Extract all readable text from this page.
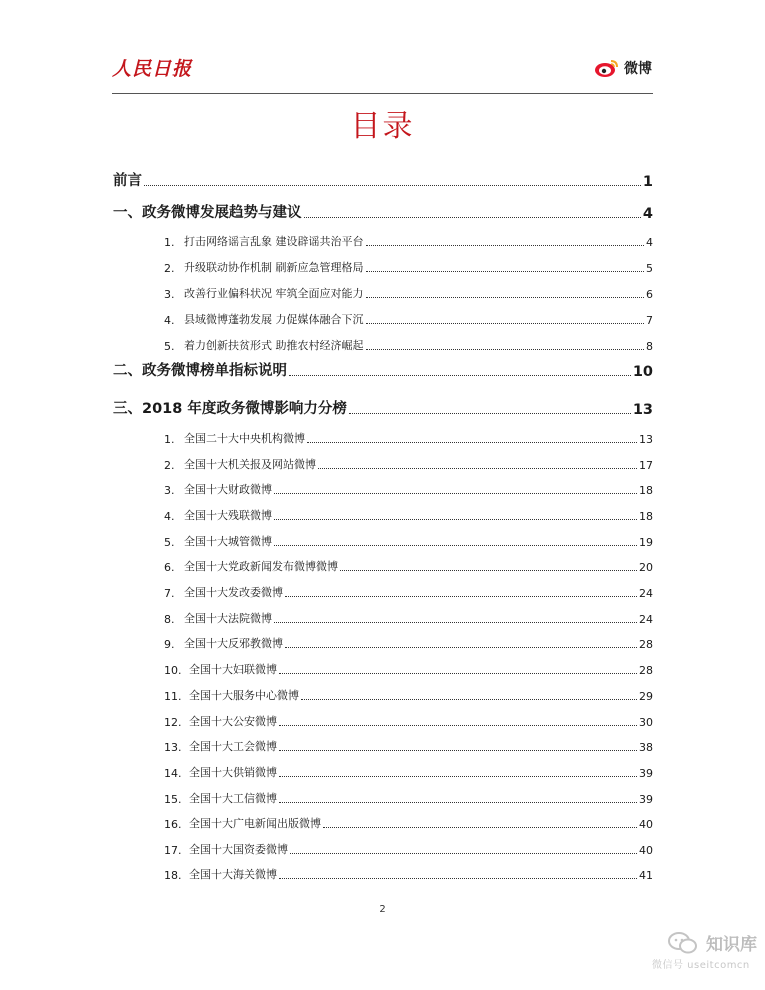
人民日报	微博
目录
前言	1
一、政务微博发展趋势与建议	4
1. 打击网络谣言乱象 建设辟谣共治平台	4
2. 升级联动协作机制 刷新应急管理格局	5
3. 改善行业偏科状况 牢筑全面应对能力	6
4. 县域微博蓬勃发展 力促媒体融合下沉	7
5. 着力创新扶贫形式 助推农村经济崛起	8
二、政务微博榜单指标说明	10
三、2018 年度政务微博影响力分榜	13
1. 全国二十大中央机构微博	13
2. 全国十大机关报及网站微博	17
3. 全国十大财政微博	18
4. 全国十大残联微博	18
5. 全国十大城管微博	19
6. 全国十大党政新闻发布微博微博	20
7. 全国十大发改委微博	24
8. 全国十大法院微博	24
9. 全国十大反邪教微博	28
10. 全国十大妇联微博	28
11. 全国十大服务中心微博	29
12. 全国十大公安微博	30
13. 全国十大工会微博	38
14. 全国十大供销微博	39
15. 全国十大工信微博	39
16. 全国十大广电新闻出版微博	40
17. 全国十大国资委微博	40
18. 全国十大海关微博	41
2
知识库
微信号 useitcomcn
